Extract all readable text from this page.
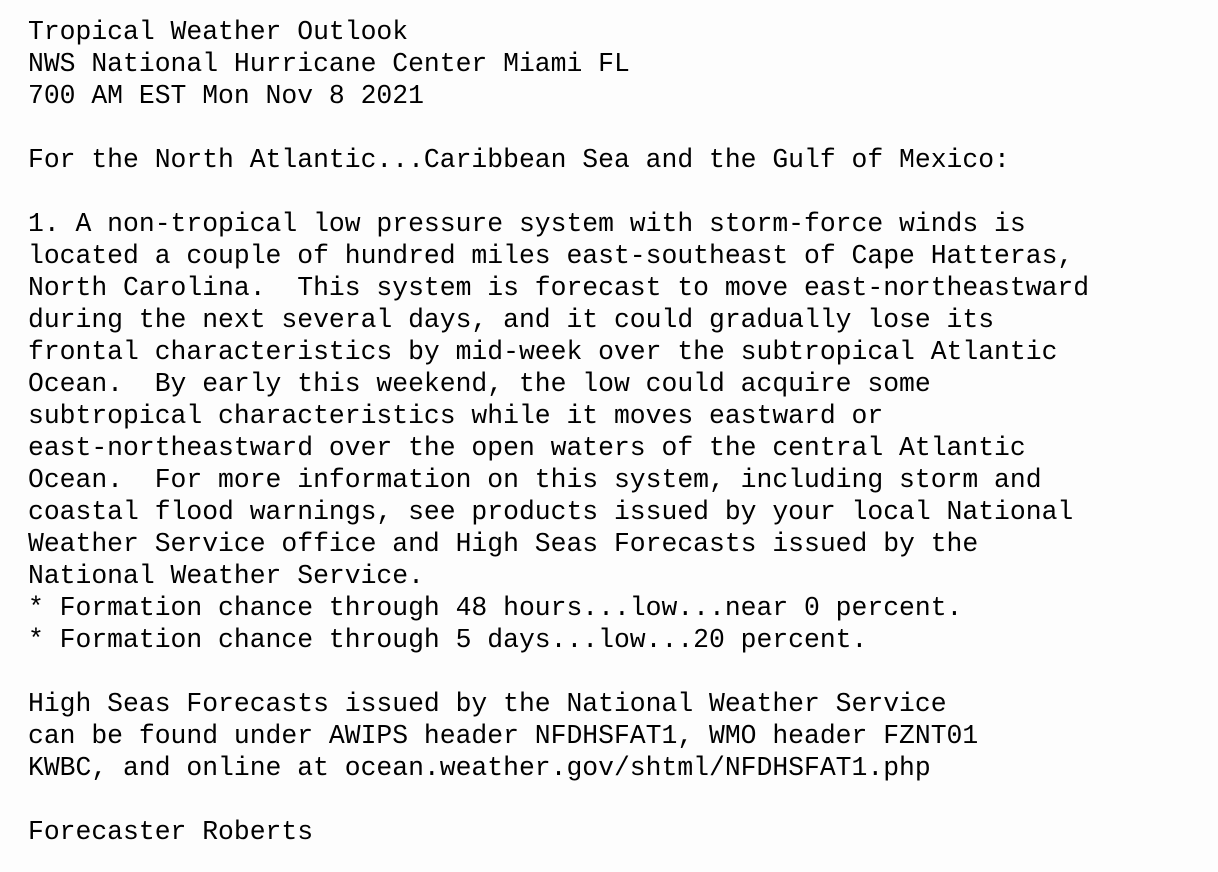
Tropical Weather Outlook
NWS National Hurricane Center Miami FL
700 AM EST Mon Nov 8 2021
For the North Atlantic...Caribbean Sea and the Gulf of Mexico:
1. A non-tropical low pressure system with storm-force winds is
located a couple of hundred miles east-southeast of Cape Hatteras,
North Carolina.  This system is forecast to move east-northeastward
during the next several days, and it could gradually lose its
frontal characteristics by mid-week over the subtropical Atlantic
Ocean.  By early this weekend, the low could acquire some
subtropical characteristics while it moves eastward or
east-northeastward over the open waters of the central Atlantic
Ocean.  For more information on this system, including storm and
coastal flood warnings, see products issued by your local National
Weather Service office and High Seas Forecasts issued by the
National Weather Service.
* Formation chance through 48 hours...low...near 0 percent.
* Formation chance through 5 days...low...20 percent.
High Seas Forecasts issued by the National Weather Service
can be found under AWIPS header NFDHSFAT1, WMO header FZNT01
KWBC, and online at ocean.weather.gov/shtml/NFDHSFAT1.php
Forecaster Roberts
